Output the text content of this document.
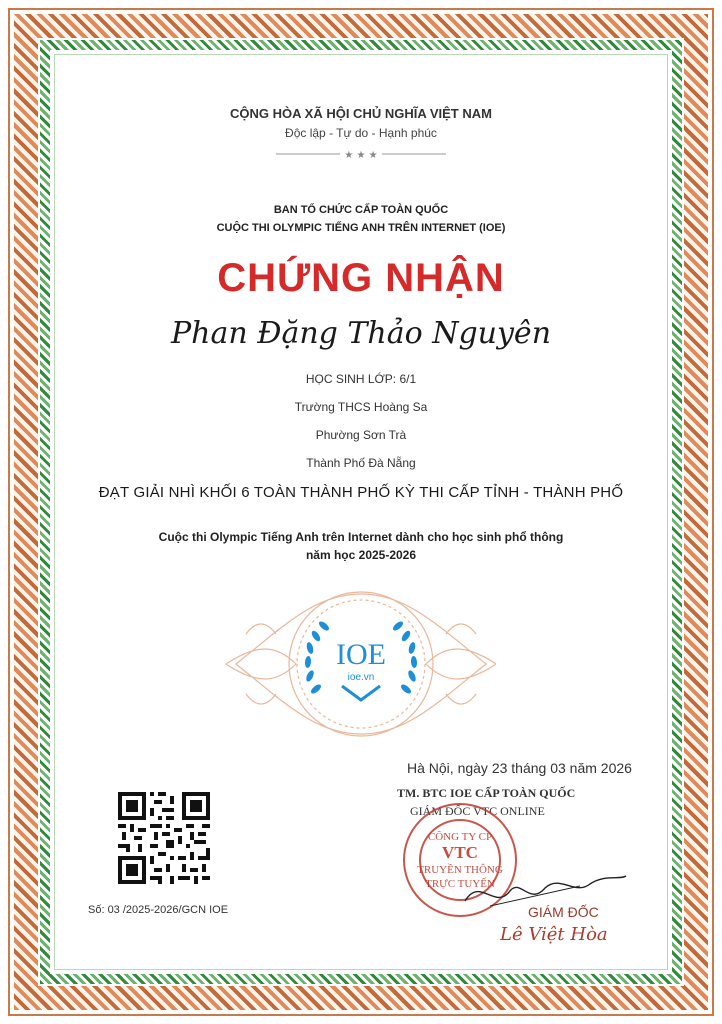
CỘNG HÒA XÃ HỘI CHỦ NGHĨA VIỆT NAM
Độc lập - Tự do - Hạnh phúc
★ ★ ★
BAN TỔ CHỨC CẤP TOÀN QUỐC
CUỘC THI OLYMPIC TIẾNG ANH TRÊN INTERNET (IOE)
CHỨNG NHẬN
Phan Đặng Thảo Nguyên
HỌC SINH LỚP: 6/1
Trường THCS Hoàng Sa
Phường Sơn Trà
Thành Phố Đà Nẵng
ĐẠT GIẢI NHÌ KHỐI 6 TOÀN THÀNH PHỐ KỲ THI CẤP TỈNH - THÀNH PHỐ
Cuộc thi Olympic Tiếng Anh trên Internet dành cho học sinh phổ thông
năm học 2025-2026
IOE
ioe.vn
Số: 03 /2025-2026/GCN IOE
Hà Nội, ngày 23 tháng 03 năm 2026
TM. BTC IOE CẤP TOÀN QUỐC
GIÁM ĐỐC VTC ONLINE
CÔNG TY CP
VTC
TRUYỀN THÔNG
TRỰC TUYẾN
GIÁM ĐỐC
Lê Việt Hòa
